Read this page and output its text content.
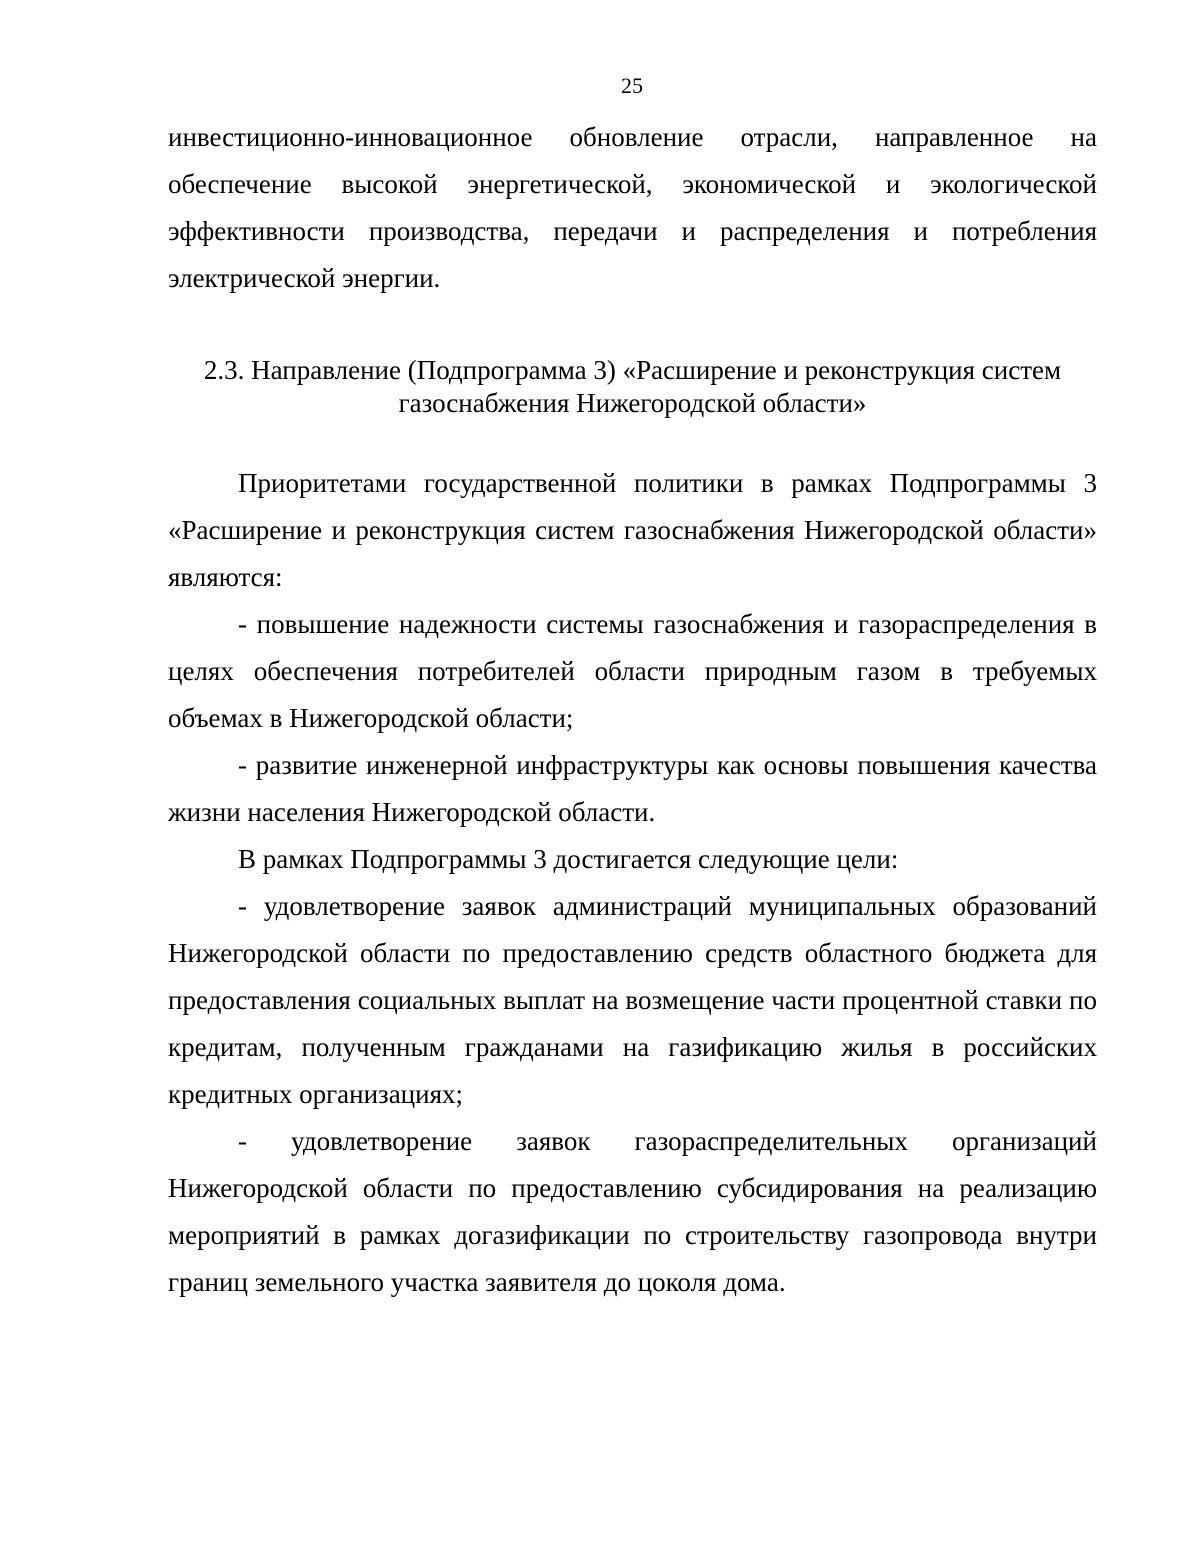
25

инвестиционно-инновационное обновление отрасли, направленное на обеспечение высокой энергетической, экономической и экологической эффективности производства, передачи и распределения и потребления электрической энергии.

2.3. Направление (Подпрограмма 3) «Расширение и реконструкция систем
газоснабжения Нижегородской области»

Приоритетами государственной политики в рамках Подпрограммы 3 «Расширение и реконструкция систем газоснабжения Нижегородской области» являются:

- повышение надежности системы газоснабжения и газораспределения в целях обеспечения потребителей области природным газом в требуемых объемах в Нижегородской области;

- развитие инженерной инфраструктуры как основы повышения качества жизни населения Нижегородской области.

В рамках Подпрограммы 3 достигается следующие цели:

- удовлетворение заявок администраций муниципальных образований Нижегородской области по предоставлению средств областного бюджета для предоставления социальных выплат на возмещение части процентной ставки по кредитам, полученным гражданами на газификацию жилья в российских кредитных организациях;

- удовлетворение заявок газораспределительных организаций

Нижегородской области по предоставлению субсидирования на реализацию мероприятий в рамках догазификации по строительству газопровода внутри границ земельного участка заявителя до цоколя дома.
